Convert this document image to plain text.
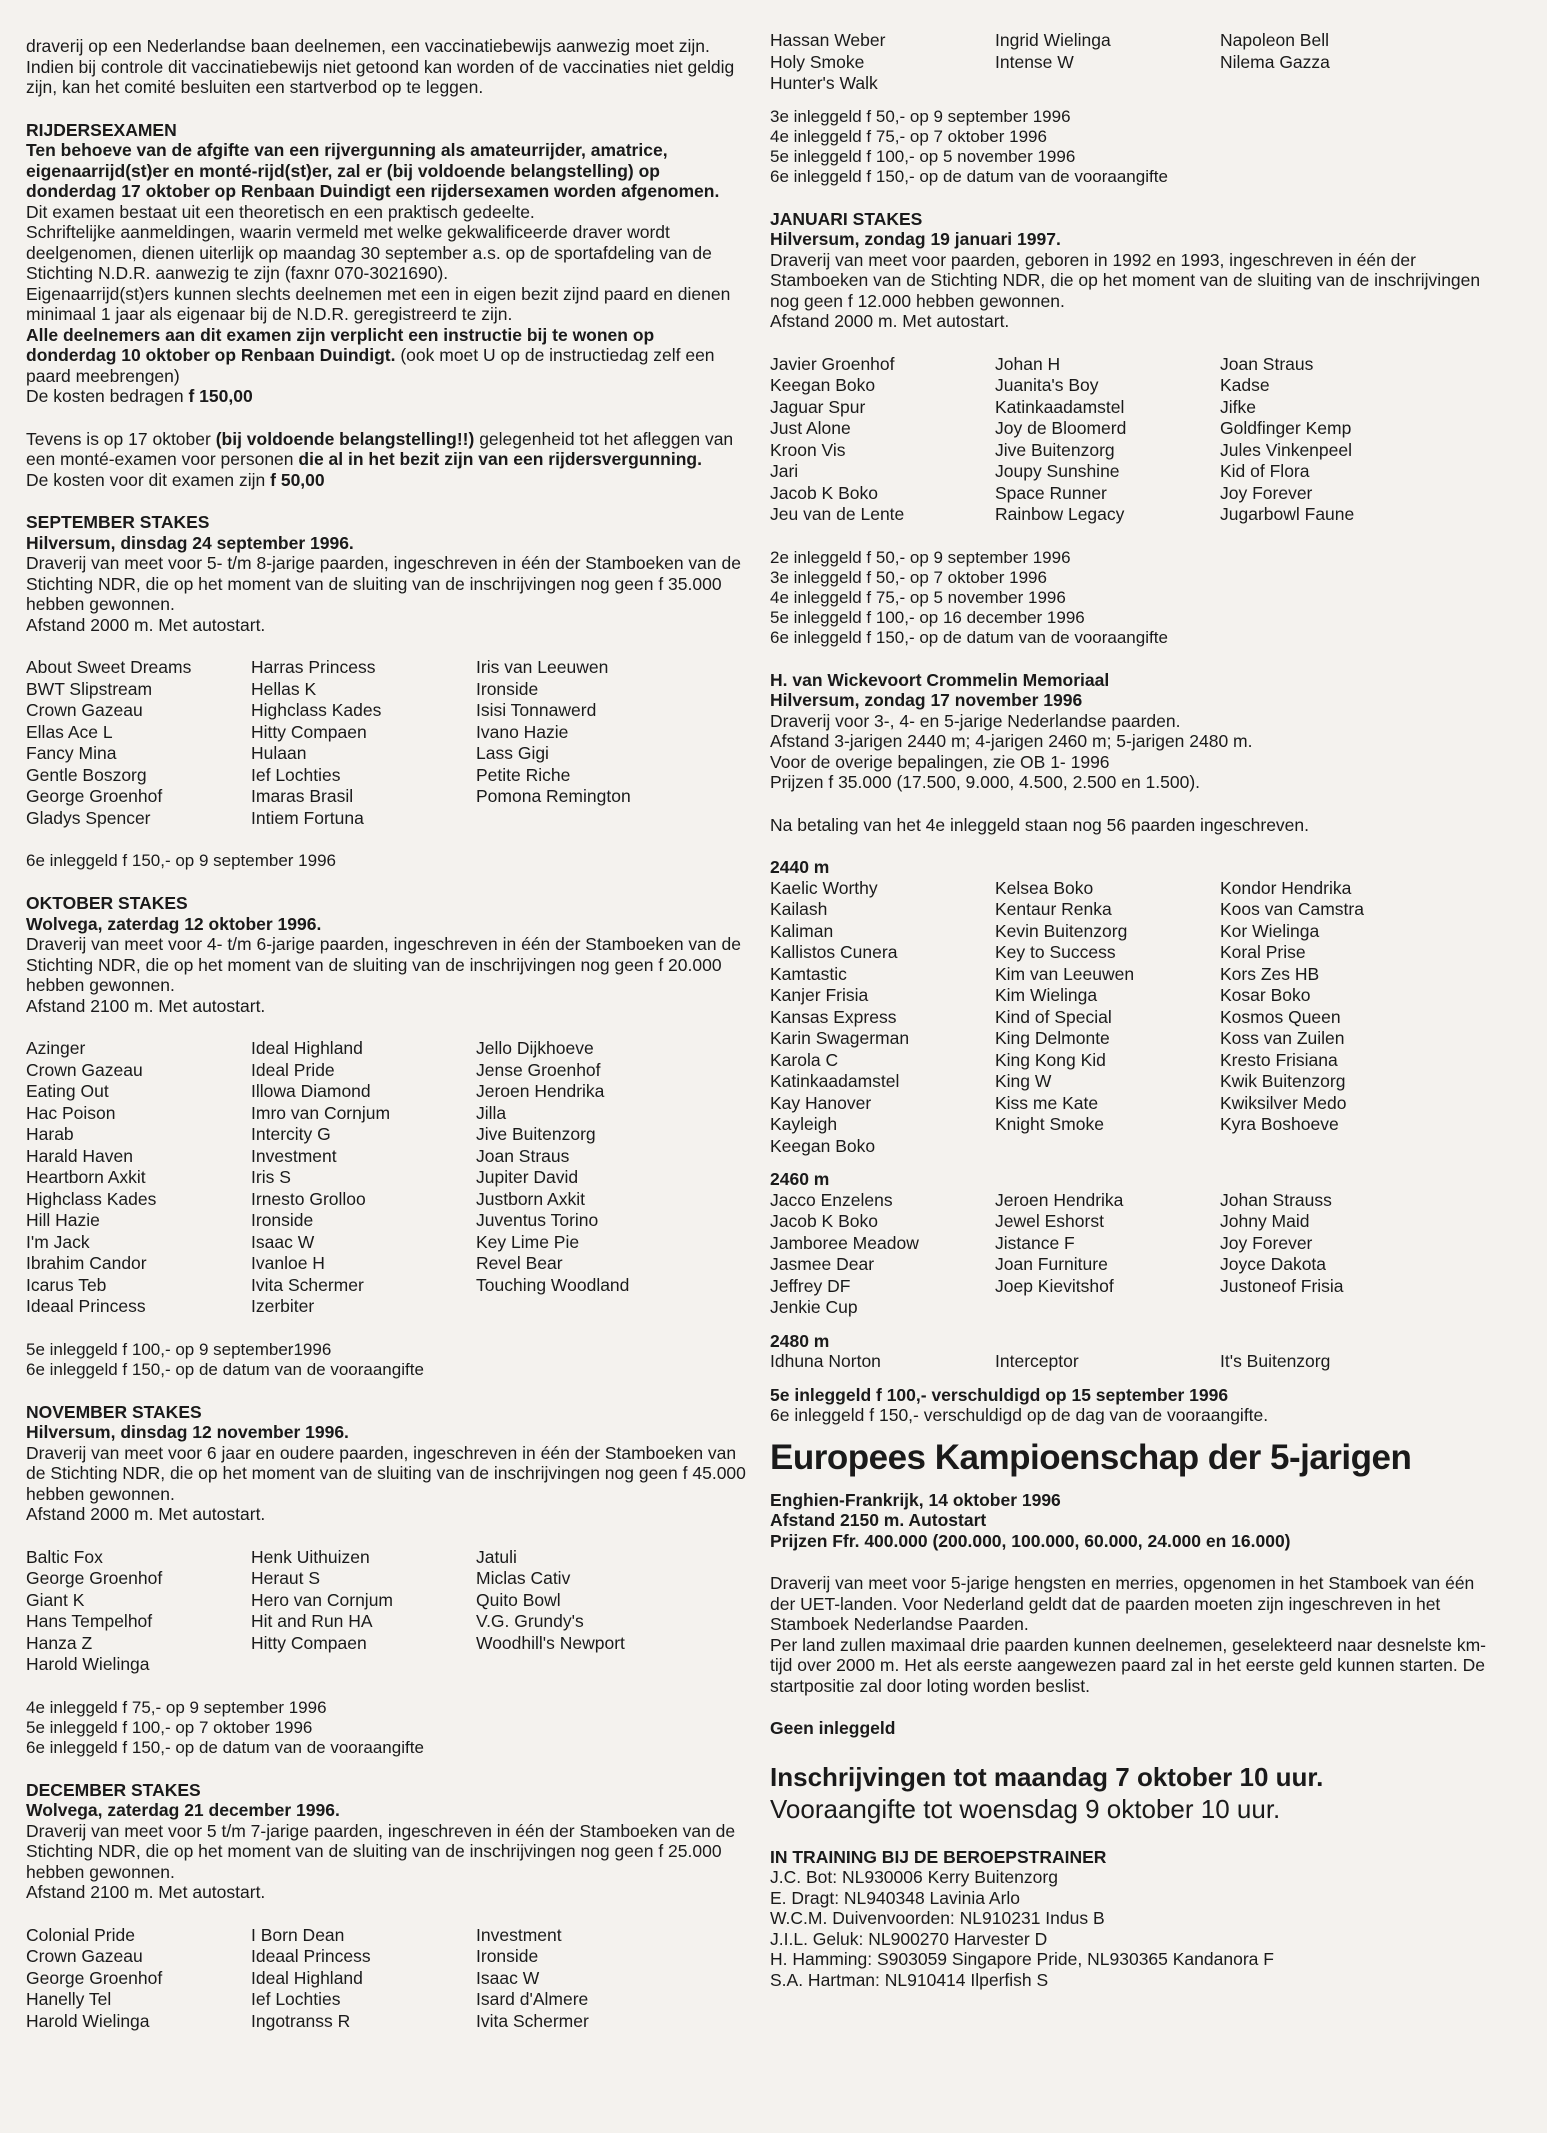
draverij op een Nederlandse baan deelnemen, een vaccinatiebewijs aanwezig moet zijn. Indien bij controle dit vaccinatiebewijs niet getoond kan worden of de vaccinaties niet geldig zijn, kan het comité besluiten een startverbod op te leggen.

RIJDERSEXAMEN

Ten behoeve van de afgifte van een rijvergunning als amateurrijder, amatrice, eigenaarrijd(st)er en monté-rijd(st)er, zal er (bij voldoende belangstelling) op donderdag 17 oktober op Renbaan Duindigt een rijdersexamen worden afgenomen.

Dit examen bestaat uit een theoretisch en een praktisch gedeelte.

Schriftelijke aanmeldingen, waarin vermeld met welke gekwalificeerde draver wordt deelgenomen, dienen uiterlijk op maandag 30 september a.s. op de sportafdeling van de Stichting N.D.R. aanwezig te zijn (faxnr 070-3021690).

Eigenaarrijd(st)ers kunnen slechts deelnemen met een in eigen bezit zijnd paard en dienen minimaal 1 jaar als eigenaar bij de N.D.R. geregistreerd te zijn.

Alle deelnemers aan dit examen zijn verplicht een instructie bij te wonen op donderdag 10 oktober op Renbaan Duindigt. (ook moet U op de instructiedag zelf een paard meebrengen)

De kosten bedragen f 150,00

Tevens is op 17 oktober (bij voldoende belangstelling!!) gelegenheid tot het afleggen van een monté-examen voor personen die al in het bezit zijn van een rijdersvergunning.

De kosten voor dit examen zijn f 50,00

SEPTEMBER STAKES

Hilversum, dinsdag 24 september 1996.

Draverij van meet voor 5- t/m 8-jarige paarden, ingeschreven in één der Stamboeken van de Stichting NDR, die op het moment van de sluiting van de inschrijvingen nog geen f 35.000 hebben gewonnen.

Afstand 2000 m. Met autostart.

About Sweet Dreams
BWT Slipstream
Crown Gazeau
Ellas Ace L
Fancy Mina
Gentle Boszorg
George Groenhof
Gladys Spencer
Harras Princess
Hellas K
Highclass Kades
Hitty Compaen
Hulaan
Ief Lochties
Imaras Brasil
Intiem Fortuna
Iris van Leeuwen
Ironside
Isisi Tonnawerd
Ivano Hazie
Lass Gigi
Petite Riche
Pomona Remington
6e inleggeld f 150,- op 9 september 1996

OKTOBER STAKES

Wolvega, zaterdag 12 oktober 1996.

Draverij van meet voor 4- t/m 6-jarige paarden, ingeschreven in één der Stamboeken van de Stichting NDR, die op het moment van de sluiting van de inschrijvingen nog geen f 20.000 hebben gewonnen.

Afstand 2100 m. Met autostart.

Azinger
Crown Gazeau
Eating Out
Hac Poison
Harab
Harald Haven
Heartborn Axkit
Highclass Kades
Hill Hazie
I'm Jack
Ibrahim Candor
Icarus Teb
Ideaal Princess
Ideal Highland
Ideal Pride
Illowa Diamond
Imro van Cornjum
Intercity G
Investment
Iris S
Irnesto Grolloo
Ironside
Isaac W
Ivanloe H
Ivita Schermer
Izerbiter
Jello Dijkhoeve
Jense Groenhof
Jeroen Hendrika
Jilla
Jive Buitenzorg
Joan Straus
Jupiter David
Justborn Axkit
Juventus Torino
Key Lime Pie
Revel Bear
Touching Woodland
5e inleggeld f 100,- op 9 september1996
6e inleggeld f 150,- op de datum van de vooraangifte

NOVEMBER STAKES

Hilversum, dinsdag 12 november 1996.

Draverij van meet voor 6 jaar en oudere paarden, ingeschreven in één der Stamboeken van de Stichting NDR, die op het moment van de sluiting van de inschrijvingen nog geen f 45.000 hebben gewonnen.

Afstand 2000 m. Met autostart.

Baltic Fox
George Groenhof
Giant K
Hans Tempelhof
Hanza Z
Harold Wielinga
Henk Uithuizen
Heraut S
Hero van Cornjum
Hit and Run HA
Hitty Compaen
Jatuli
Miclas Cativ
Quito Bowl
V.G. Grundy's
Woodhill's Newport
4e inleggeld f 75,- op 9 september 1996
5e inleggeld f 100,- op 7 oktober 1996
6e inleggeld f 150,- op de datum van de vooraangifte

DECEMBER STAKES

Wolvega, zaterdag 21 december 1996.

Draverij van meet voor 5 t/m 7-jarige paarden, ingeschreven in één der Stamboeken van de Stichting NDR, die op het moment van de sluiting van de inschrijvingen nog geen f 25.000 hebben gewonnen.

Afstand 2100 m. Met autostart.

Colonial Pride
Crown Gazeau
George Groenhof
Hanelly Tel
Harold Wielinga
I Born Dean
Ideaal Princess
Ideal Highland
Ief Lochties
Ingotranss R
Investment
Ironside
Isaac W
Isard d'Almere
Ivita Schermer
Hassan Weber
Holy Smoke
Hunter's Walk
Ingrid Wielinga
Intense W
Napoleon Bell
Nilema Gazza
3e inleggeld f 50,- op 9 september 1996
4e inleggeld f 75,- op 7 oktober 1996
5e inleggeld f 100,- op 5 november 1996
6e inleggeld f 150,- op de datum van de vooraangifte

JANUARI STAKES

Hilversum, zondag 19 januari 1997.

Draverij van meet voor paarden, geboren in 1992 en 1993, ingeschreven in één der Stamboeken van de Stichting NDR, die op het moment van de sluiting van de inschrijvingen nog geen f 12.000 hebben gewonnen.

Afstand 2000 m. Met autostart.

Javier Groenhof
Keegan Boko
Jaguar Spur
Just Alone
Kroon Vis
Jari
Jacob K Boko
Jeu van de Lente
Johan H
Juanita's Boy
Katinkaadamstel
Joy de Bloomerd
Jive Buitenzorg
Joupy Sunshine
Space Runner
Rainbow Legacy
Joan Straus
Kadse
Jifke
Goldfinger Kemp
Jules Vinkenpeel
Kid of Flora
Joy Forever
Jugarbowl Faune
2e inleggeld f 50,- op 9 september 1996
3e inleggeld f 50,- op 7 oktober 1996
4e inleggeld f 75,- op 5 november 1996
5e inleggeld f 100,- op 16 december 1996
6e inleggeld f 150,- op de datum van de vooraangifte

H. van Wickevoort Crommelin Memoriaal

Hilversum, zondag 17 november 1996

Draverij voor 3-, 4- en 5-jarige Nederlandse paarden.

Afstand 3-jarigen 2440 m; 4-jarigen 2460 m; 5-jarigen 2480 m.

Voor de overige bepalingen, zie OB 1- 1996

Prijzen f 35.000 (17.500, 9.000, 4.500, 2.500 en 1.500).

Na betaling van het 4e inleggeld staan nog 56 paarden ingeschreven.

2440 m

Kaelic Worthy
Kailash
Kaliman
Kallistos Cunera
Kamtastic
Kanjer Frisia
Kansas Express
Karin Swagerman
Karola C
Katinkaadamstel
Kay Hanover
Kayleigh
Keegan Boko
Kelsea Boko
Kentaur Renka
Kevin Buitenzorg
Key to Success
Kim van Leeuwen
Kim Wielinga
Kind of Special
King Delmonte
King Kong Kid
King W
Kiss me Kate
Knight Smoke
Kondor Hendrika
Koos van Camstra
Kor Wielinga
Koral Prise
Kors Zes HB
Kosar Boko
Kosmos Queen
Koss van Zuilen
Kresto Frisiana
Kwik Buitenzorg
Kwiksilver Medo
Kyra Boshoeve

2460 m

Jacco Enzelens
Jacob K Boko
Jamboree Meadow
Jasmee Dear
Jeffrey DF
Jenkie Cup
Jeroen Hendrika
Jewel Eshorst
Jistance F
Joan Furniture
Joep Kievitshof
Johan Strauss
Johny Maid
Joy Forever
Joyce Dakota
Justoneof Frisia

2480 m

Idhuna Norton	Interceptor	It's Buitenzorg

5e inleggeld f 100,- verschuldigd op 15 september 1996

6e inleggeld f 150,- verschuldigd op de dag van de vooraangifte.

Europees Kampioenschap der 5-jarigen

Enghien-Frankrijk, 14 oktober 1996

Afstand 2150 m. Autostart

Prijzen Ffr. 400.000 (200.000, 100.000, 60.000, 24.000 en 16.000)

Draverij van meet voor 5-jarige hengsten en merries, opgenomen in het Stamboek van één der UET-landen. Voor Nederland geldt dat de paarden moeten zijn ingeschreven in het Stamboek Nederlandse Paarden.

Per land zullen maximaal drie paarden kunnen deelnemen, geselekteerd naar desnelste km-tijd over 2000 m. Het als eerste aangewezen paard zal in het eerste geld kunnen starten. De startpositie zal door loting worden beslist.

Geen inleggeld

Inschrijvingen tot maandag 7 oktober 10 uur.

Vooraangifte tot woensdag 9 oktober 10 uur.

IN TRAINING BIJ DE BEROEPSTRAINER

J.C. Bot: NL930006 Kerry Buitenzorg
E. Dragt: NL940348 Lavinia Arlo
W.C.M. Duivenvoorden: NL910231 Indus B
J.I.L. Geluk: NL900270 Harvester D
H. Hamming: S903059 Singapore Pride, NL930365 Kandanora F
S.A. Hartman: NL910414 Ilperfish S
